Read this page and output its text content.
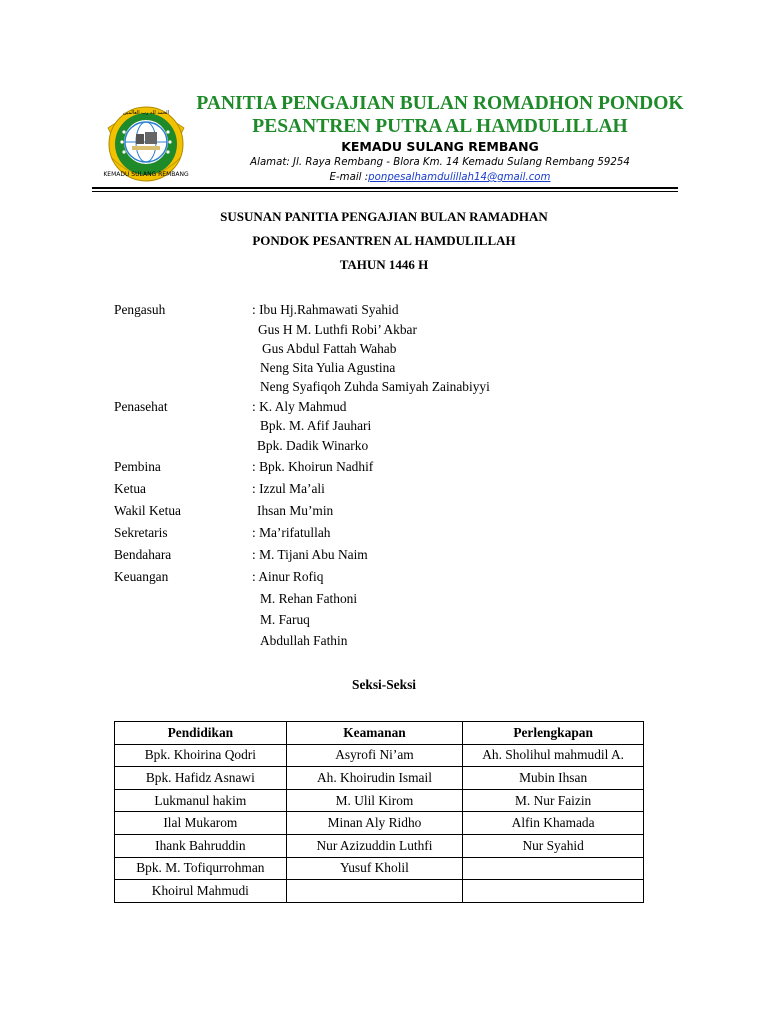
KEMADU SULANG REMBANG
الحمد لله رب العالمين PANITIA PENGAJIAN BULAN ROMADHON PONDOK
PESANTREN PUTRA AL HAMDULILLAH
KEMADU SULANG REMBANG
Alamat: Jl. Raya Rembang - Blora Km. 14 Kemadu Sulang Rembang 59254
E-mail :ponpesalhamdulillah14@gmail.com
SUSUNAN PANITIA PENGAJIAN BULAN RAMADHAN
PONDOK PESANTREN AL HAMDULILLAH
TAHUN 1446 H
Pengasuh	: Ibu Hj.Rahmawati Syahid
Gus H M. Luthfi Robi’ Akbar
Gus Abdul Fattah Wahab
Neng Sita Yulia Agustina
Neng Syafiqoh Zuhda Samiyah Zainabiyyi
Penasehat	: K. Aly Mahmud
Bpk. M. Afif Jauhari
Bpk. Dadik Winarko
Pembina	: Bpk. Khoirun Nadhif
Ketua	: Izzul Ma’ali
Wakil Ketua	Ihsan Mu’min
Sekretaris	: Ma’rifatullah
Bendahara	: M. Tijani Abu Naim
Keuangan	: Ainur Rofiq
M. Rehan Fathoni
M. Faruq
Abdullah Fathin
Seksi-Seksi
Pendidikan	Keamanan	Perlengkapan
Bpk. Khoirina Qodri	Asyrofi Ni’am	Ah. Sholihul mahmudil A.
Bpk. Hafidz Asnawi	Ah. Khoirudin Ismail	Mubin Ihsan
Lukmanul hakim	M. Ulil Kirom	M. Nur Faizin
Ilal Mukarom	Minan Aly Ridho	Alfin Khamada
Ihank Bahruddin	Nur Azizuddin Luthfi	Nur Syahid
Bpk. M. Tofiqurrohman	Yusuf Kholil	
Khoirul Mahmudi		
